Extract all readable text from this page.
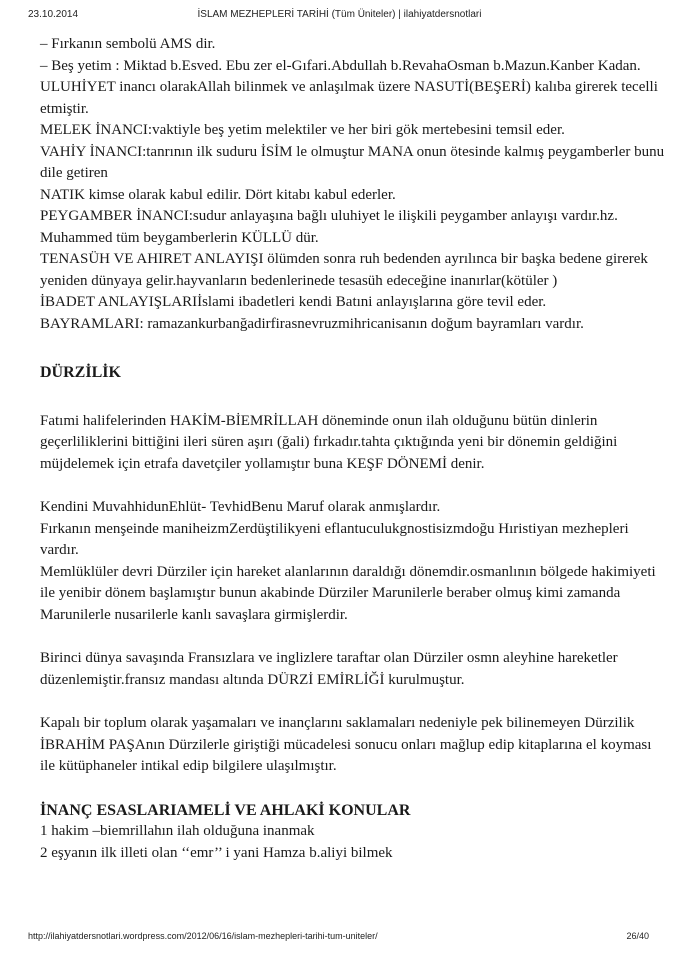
23.10.2014	İSLAM MEZHEPLERİ TARİHİ (Tüm Üniteler) | ilahiyatdersnotlari

– Fırkanın sembolü AMS dir.

– Beş yetim : Miktad b.Esved. Ebu zer el-Gıfari.Abdullah b.RevahaOsman b.Mazun.Kanber Kadan.

ULUHİYET inancı olarakAllah bilinmek ve anlaşılmak üzere NASUTİ(BEŞERİ) kalıba girerek tecelli etmiştir.

MELEK İNANCI:vaktiyle beş yetim melektiler ve her biri gök mertebesini temsil eder.

VAHİY İNANCI:tanrının ilk suduru İSİM le olmuştur MANA onun ötesinde kalmış peygamberler bunu dile getiren

NATIK kimse olarak kabul edilir. Dört kitabı kabul ederler.

PEYGAMBER İNANCI:sudur anlayaşına bağlı uluhiyet le ilişkili peygamber anlayışı vardır.hz. Muhammed tüm beygamberlerin KÜLLÜ dür.

TENASÜH VE AHIRET ANLAYIŞI ölümden sonra ruh bedenden ayrılınca bir başka bedene girerek yeniden dünyaya gelir.hayvanların bedenlerinede tesasüh edeceğine inanırlar(kötüler )

İBADET ANLAYIŞLARIİslami ibadetleri kendi Batıni anlayışlarına göre tevil eder.

BAYRAMLARI: ramazankurbanğadirfirasnevruzmihricanisanın doğum bayramları vardır.

DÜRZİLİK

Fatımi halifelerinden HAKİM-BİEMRİLLAH döneminde onun ilah olduğunu bütün dinlerin geçerliliklerini bittiğini ileri süren aşırı (ğali) fırkadır.tahta çıktığında yeni bir dönemin geldiğini müjdelemek için etrafa davetçiler yollamıştır buna KEŞF DÖNEMİ denir.

Kendini MuvahhidunEhlüt- TevhidBenu Maruf olarak anmışlardır.

Fırkanın menşeinde maniheizmZerdüştilikyeni eflantuculukgnostisizmdoğu Hıristiyan mezhepleri vardır.

Memlüklüler devri Dürziler için hareket alanlarının daraldığı dönemdir.osmanlının bölgede hakimiyeti ile yenibir dönem başlamıştır bunun akabinde Dürziler Marunilerle beraber olmuş kimi zamanda Marunilerle nusarilerle kanlı savaşlara girmişlerdir.

Birinci dünya savaşında Fransızlara ve inglizlere taraftar olan Dürziler osmn aleyhine hareketler düzenlemiştir.fransız mandası altında DÜRZİ EMİRLİĞİ kurulmuştur.

Kapalı bir toplum olarak yaşamaları ve inançlarını saklamaları nedeniyle pek bilinemeyen Dürzilik İBRAHİM PAŞAnın Dürzilerle giriştiği mücadelesi sonucu onları mağlup edip kitaplarına el koyması ile kütüphaneler intikal edip bilgilere ulaşılmıştır.

İNANÇ ESASLARIAMELİ VE AHLAKİ KONULAR

1 hakim –biemrillahın ilah olduğuna inanmak

2 eşyanın ilk illeti olan ‘‘emr’’ i yani Hamza b.aliyi bilmek

http://ilahiyatdersnotlari.wordpress.com/2012/06/16/islam-mezhepleri-tarihi-tum-uniteler/	26/40
